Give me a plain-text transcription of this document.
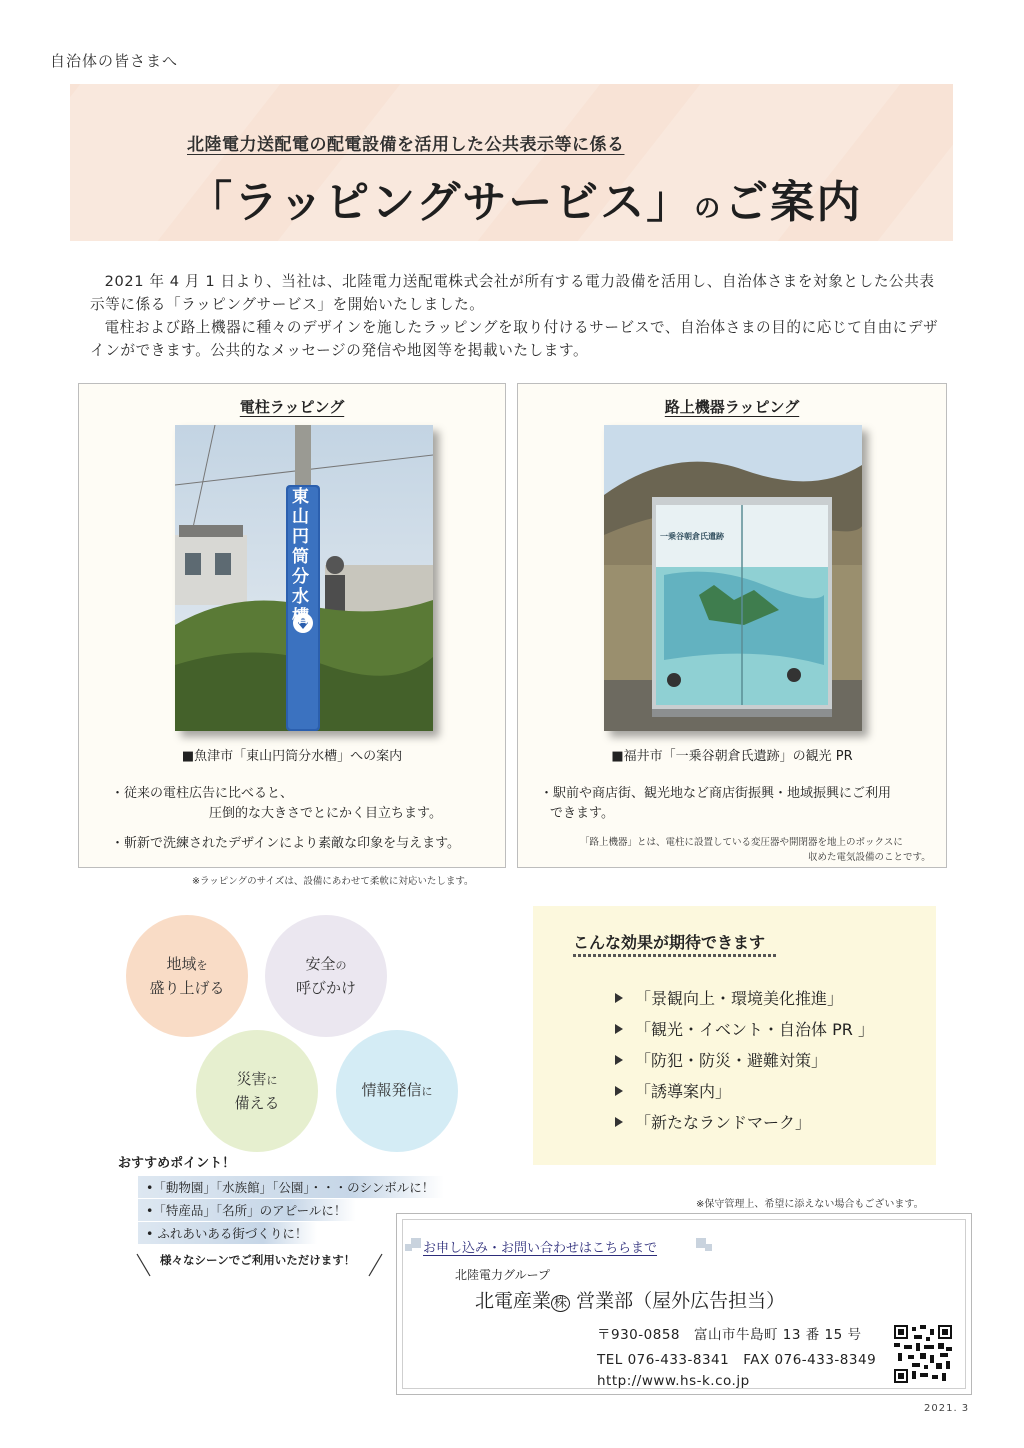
自治体の皆さまへ
北陸電力送配電の配電設備を活用した公共表示等に係る
「ラッピングサービス」のご案内

2021 年 4 月 1 日より、当社は、北陸電力送配電株式会社が所有する電力設備を活用し、自治体さまを対象とした公共表示等に係る「ラッピングサービス」を開始いたしました。

電柱および路上機器に種々のデザインを施したラッピングを取り付けるサービスで、自治体さまの目的に応じて自由にデザインができます。公共的なメッセージの発信や地図等を掲載いたします。

電柱ラッピング
東山円筒分水槽
■魚津市「東山円筒分水槽」への案内
・従来の電柱広告に比べると、
圧倒的な大きさでとにかく目立ちます。
・斬新で洗練されたデザインにより素敵な印象を与えます。
路上機器ラッピング
一乗谷朝倉氏遺跡
■福井市「一乗谷朝倉氏遺跡」の観光 PR
・駅前や商店街、観光地など商店街振興・地域振興にご利用
できます。
「路上機器」とは、電柱に設置している変圧器や開閉器を地上のボックスに
収めた電気設備のことです。
※ラッピングのサイズは、設備にあわせて柔軟に対応いたします。
地域を
盛り上げる
安全の
呼びかけ
災害に
備える
情報発信に
おすすめポイント！
•「動物園」「水族館」「公園」・・・のシンボルに！
•「特産品」「名所」のアピールに！
• ふれあいある街づくりに！
様々なシーンでご利用いただけます！
こんな効果が期待できます
「景観向上・環境美化推進」
「観光・イベント・自治体 PR 」
「防犯・防災・避難対策」
「誘導案内」
「新たなランドマーク」
※保守管理上、希望に添えない場合もございます。
お申し込み・お問い合わせはこちらまで
北陸電力グループ
北電産業 株 営業部（屋外広告担当）
〒930-0858　富山市牛島町 13 番 15 号
TEL 076-433-8341　FAX 076-433-8349
http://www.hs-k.co.jp
2021. 3
